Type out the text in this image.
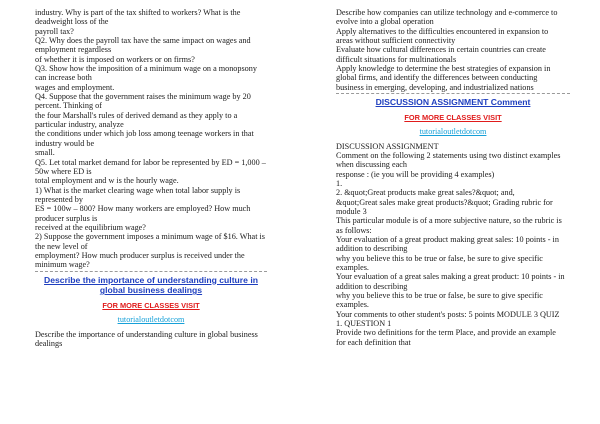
industry. Why is part of the tax shifted to workers? What is the
deadweight loss of the
payroll tax?
Q2. Why does the payroll tax have the same impact on wages and
employment regardless
of whether it is imposed on workers or on firms?
Q3. Show how the imposition of a minimum wage on a monopsony
can increase both
wages and employment.
Q4. Suppose that the government raises the minimum wage by 20
percent. Thinking of
the four Marshall's rules of derived demand as they apply to a
particular industry, analyze
the conditions under which job loss among teenage workers in that
industry would be
small.
Q5. Let total market demand for labor be represented by ED = 1,000 –
50w where ED is
total employment and w is the hourly wage.
1) What is the market clearing wage when total labor supply is
represented by
ES = 100w – 800? How many workers are employed? How much
producer surplus is
received at the equilibrium wage?
2) Suppose the government imposes a minimum wage of $16. What is
the new level of
employment? How much producer surplus is received under the
minimum wage?
Describe the importance of understanding culture in
global business dealings
FOR MORE CLASSES VISIT
tutorialoutletdotcom
Describe the importance of understanding culture in global business
dealings
Describe how companies can utilize technology and e-commerce to
evolve into a global operation
Apply alternatives to the difficulties encountered in expansion to
areas without sufficient connectivity
Evaluate how cultural differences in certain countries can create
difficult situations for multinationals
Apply knowledge to determine the best strategies of expansion in
global firms, and identify the differences between conducting
business in emerging, developing, and industrialized nations
DISCUSSION ASSIGNMENT Comment
FOR MORE CLASSES VISIT
tutorialoutletdotcom
DISCUSSION ASSIGNMENT
Comment on the following 2 statements using two distinct examples
when discussing each
response : (ie you will be providing 4 examples)
1.
2. &quot;Great products make great sales?&quot; and,
&quot;Great sales make great products?&quot; Grading rubric for
module 3
This particular module is of a more subjective nature, so the rubric is
as follows:
Your evaluation of a great product making great sales: 10 points - in
addition to describing
why you believe this to be true or false, be sure to give specific
examples.
Your evaluation of a great sales making a great product: 10 points - in
addition to describing
why you believe this to be true or false, be sure to give specific
examples.
Your comments to other student's posts: 5 points MODULE 3 QUIZ
1. QUESTION 1
Provide two definitions for the term Place, and provide an example
for each definition that
